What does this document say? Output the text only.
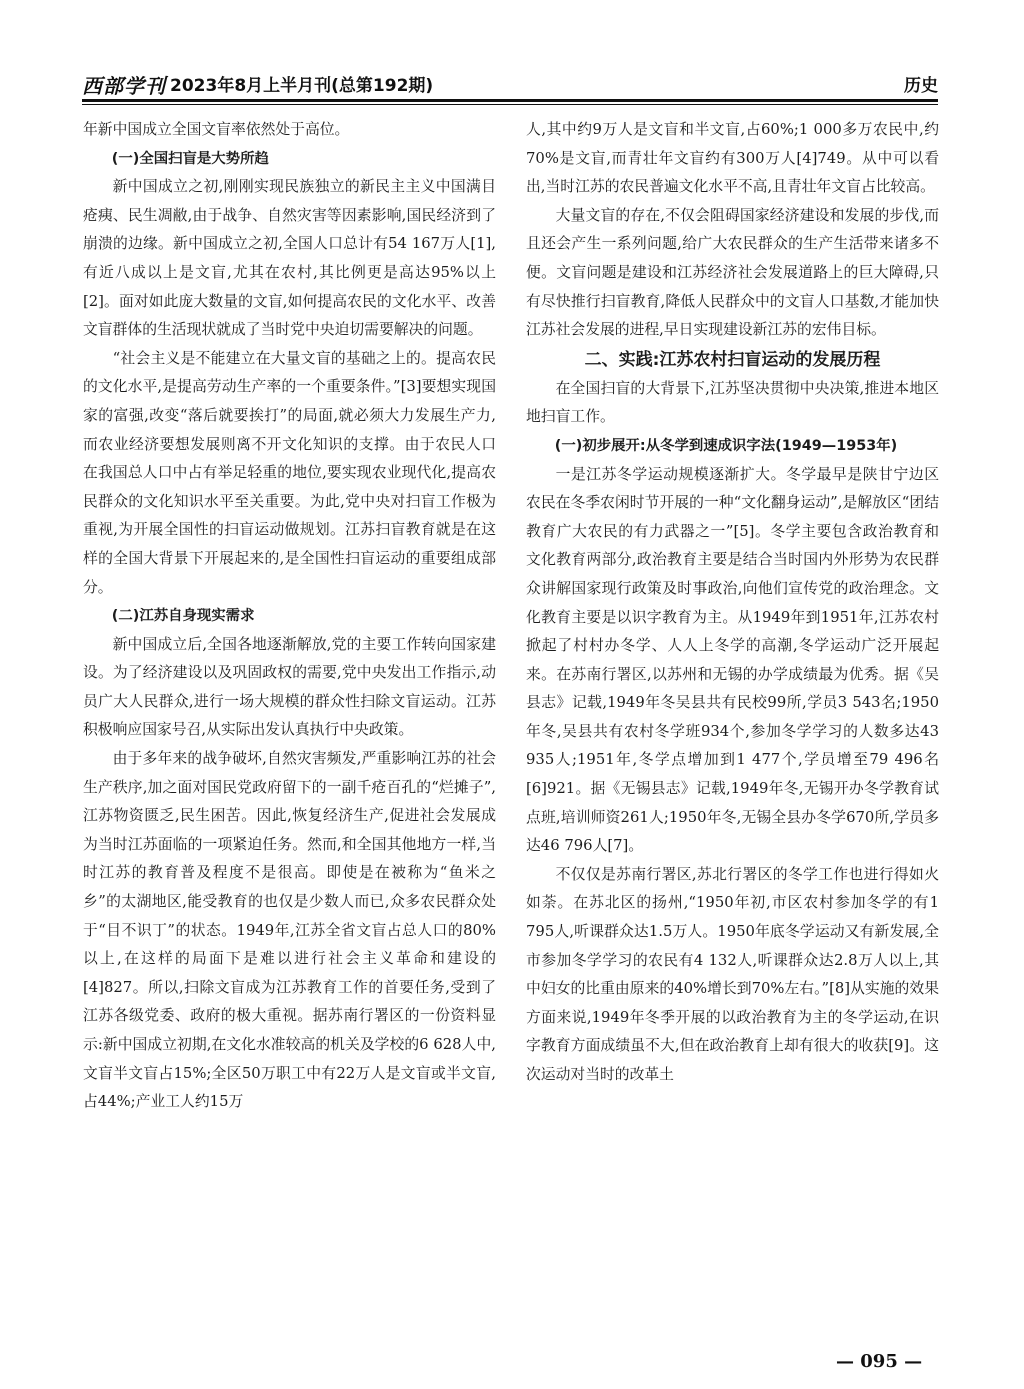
西部学刊 2023年8月上半月刊(总第192期)	历史

年新中国成立全国文盲率依然处于高位。

(一)全国扫盲是大势所趋

新中国成立之初,刚刚实现民族独立的新民主主义中国满目疮痍、民生凋敝,由于战争、自然灾害等因素影响,国民经济到了崩溃的边缘。新中国成立之初,全国人口总计有54 167万人[1],有近八成以上是文盲,尤其在农村,其比例更是高达95%以上[2]。面对如此庞大数量的文盲,如何提高农民的文化水平、改善文盲群体的生活现状就成了当时党中央迫切需要解决的问题。

“社会主义是不能建立在大量文盲的基础之上的。提高农民的文化水平,是提高劳动生产率的一个重要条件。”[3]要想实现国家的富强,改变“落后就要挨打”的局面,就必须大力发展生产力,而农业经济要想发展则离不开文化知识的支撑。由于农民人口在我国总人口中占有举足轻重的地位,要实现农业现代化,提高农民群众的文化知识水平至关重要。为此,党中央对扫盲工作极为重视,为开展全国性的扫盲运动做规划。江苏扫盲教育就是在这样的全国大背景下开展起来的,是全国性扫盲运动的重要组成部分。

(二)江苏自身现实需求

新中国成立后,全国各地逐渐解放,党的主要工作转向国家建设。为了经济建设以及巩固政权的需要,党中央发出工作指示,动员广大人民群众,进行一场大规模的群众性扫除文盲运动。江苏积极响应国家号召,从实际出发认真执行中央政策。

由于多年来的战争破坏,自然灾害频发,严重影响江苏的社会生产秩序,加之面对国民党政府留下的一副千疮百孔的“烂摊子”,江苏物资匮乏,民生困苦。因此,恢复经济生产,促进社会发展成为当时江苏面临的一项紧迫任务。然而,和全国其他地方一样,当时江苏的教育普及程度不是很高。即使是在被称为“鱼米之乡”的太湖地区,能受教育的也仅是少数人而已,众多农民群众处于“目不识丁”的状态。1949年,江苏全省文盲占总人口的80%以上,在这样的局面下是难以进行社会主义革命和建设的[4]827。所以,扫除文盲成为江苏教育工作的首要任务,受到了江苏各级党委、政府的极大重视。据苏南行署区的一份资料显示:新中国成立初期,在文化水准较高的机关及学校的6 628人中,文盲半文盲占15%;全区50万职工中有22万人是文盲或半文盲,占44%;产业工人约15万

人,其中约9万人是文盲和半文盲,占60%;1 000多万农民中,约70%是文盲,而青壮年文盲约有300万人[4]749。从中可以看出,当时江苏的农民普遍文化水平不高,且青壮年文盲占比较高。

大量文盲的存在,不仅会阻碍国家经济建设和发展的步伐,而且还会产生一系列问题,给广大农民群众的生产生活带来诸多不便。文盲问题是建设和江苏经济社会发展道路上的巨大障碍,只有尽快推行扫盲教育,降低人民群众中的文盲人口基数,才能加快江苏社会发展的进程,早日实现建设新江苏的宏伟目标。

二、实践:江苏农村扫盲运动的发展历程

在全国扫盲的大背景下,江苏坚决贯彻中央决策,推进本地区地扫盲工作。

(一)初步展开:从冬学到速成识字法(1949—1953年)

一是江苏冬学运动规模逐渐扩大。冬学最早是陕甘宁边区农民在冬季农闲时节开展的一种“文化翻身运动”,是解放区“团结教育广大农民的有力武器之一”[5]。冬学主要包含政治教育和文化教育两部分,政治教育主要是结合当时国内外形势为农民群众讲解国家现行政策及时事政治,向他们宣传党的政治理念。文化教育主要是以识字教育为主。从1949年到1951年,江苏农村掀起了村村办冬学、人人上冬学的高潮,冬学运动广泛开展起来。在苏南行署区,以苏州和无锡的办学成绩最为优秀。据《吴县志》记载,1949年冬吴县共有民校99所,学员3 543名;1950年冬,吴县共有农村冬学班934个,参加冬学学习的人数多达43 935人;1951年,冬学点增加到1 477个,学员增至79 496名[6]921。据《无锡县志》记载,1949年冬,无锡开办冬学教育试点班,培训师资261人;1950年冬,无锡全县办冬学670所,学员多达46 796人[7]。

不仅仅是苏南行署区,苏北行署区的冬学工作也进行得如火如荼。在苏北区的扬州,“1950年初,市区农村参加冬学的有1 795人,听课群众达1.5万人。1950年底冬学运动又有新发展,全市参加冬学学习的农民有4 132人,听课群众达2.8万人以上,其中妇女的比重由原来的40%增长到70%左右。”[8]从实施的效果方面来说,1949年冬季开展的以政治教育为主的冬学运动,在识字教育方面成绩虽不大,但在政治教育上却有很大的收获[9]。这次运动对当时的改革土

— 095 —
